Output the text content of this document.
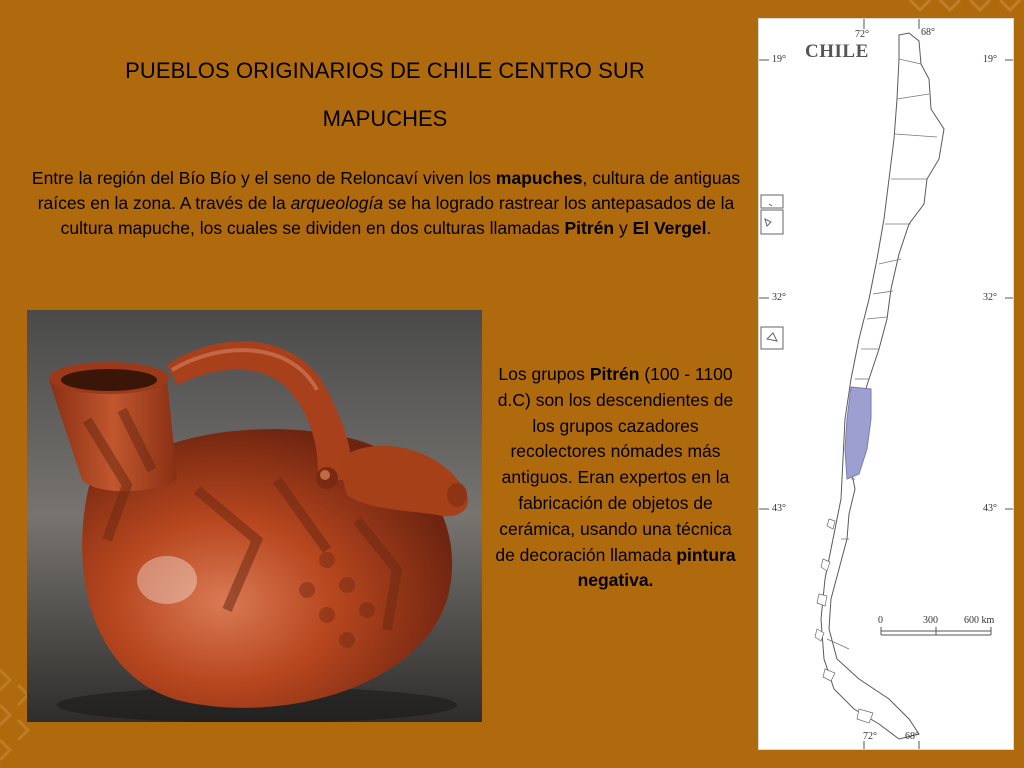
PUEBLOS ORIGINARIOS DE CHILE CENTRO SUR
MAPUCHES
Entre la región del Bío Bío y el seno de Reloncaví viven los mapuches, cultura de antiguas raíces en la zona. A través de la arqueología se ha logrado rastrear los antepasados de la cultura mapuche, los cuales se dividen en dos culturas llamadas Pitrén y El Vergel.
Los grupos Pitrén (100 - 1100 d.C) son los descendientes de los grupos cazadores recolectores nómades más antiguos. Eran expertos en la fabricación de objetos de cerámica, usando una técnica de decoración llamada pintura negativa.
CHILE
72°	68°
19°	19°
32°	32°
43°	43°
0	300	600 km
72°	68°
